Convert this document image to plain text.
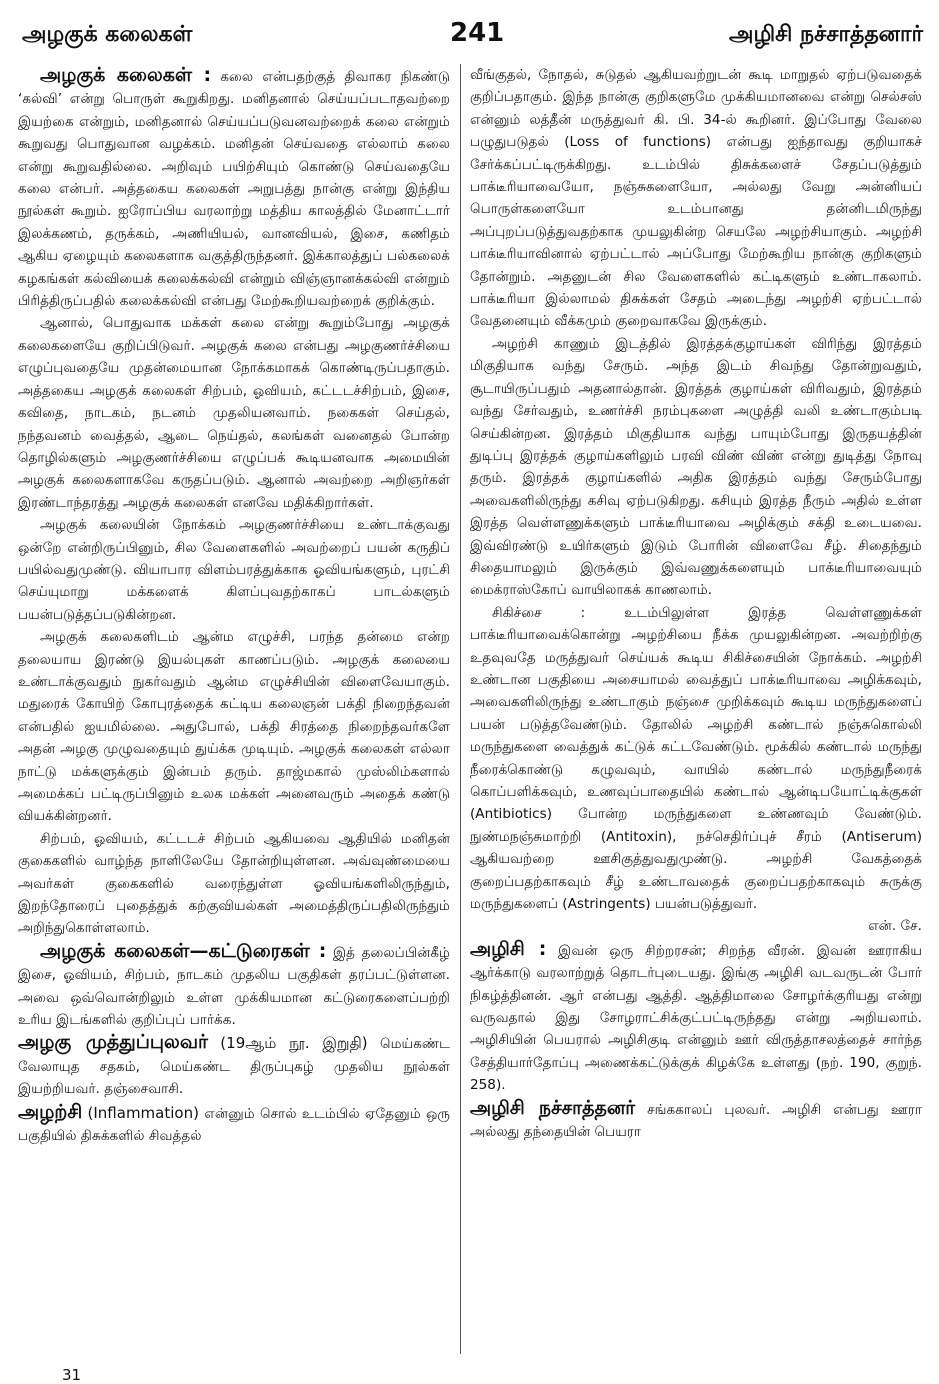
அழகுக் கலைகள்	241	அழிசி நச்சாத்தனார்

அழகுக் கலைகள் : கலை என்பதற்குத் திவாகர நிகண்டு ‘கல்வி’ என்று பொருள் கூறுகிறது. மனிதனால் செய்யப்படாதவற்றை இயற்கை என்றும், மனிதனால் செய்யப்படுவனவற்றைக் கலை என்றும் கூறுவது பொதுவான வழக்கம். மனிதன் செய்வதை எல்லாம் கலை என்று கூறுவதில்லை. அறிவும் பயிற்சியும் கொண்டு செய்வதையே கலை என்பர். அத்தகைய கலைகள் அறுபத்து நான்கு என்று இந்திய நூல்கள் கூறும். ஐரோப்பிய வரலாற்று மத்திய காலத்தில் மேனாட்டார் இலக்கணம், தருக்கம், அணியியல், வானவியல், இசை, கணிதம் ஆகிய ஏழையும் கலைகளாக வகுத்திருந்தனர். இக்காலத்துப் பல்கலைக் கழகங்கள் கல்வியைக் கலைக்கல்வி என்றும் விஞ்ஞானக்கல்வி என்றும் பிரித்திருப்பதில் கலைக்கல்வி என்பது மேற்கூறியவற்றைக் குறிக்கும்.

ஆனால், பொதுவாக மக்கள் கலை என்று கூறும்போது அழகுக் கலைகளையே குறிப்பிடுவர். அழகுக் கலை என்பது அழகுணர்ச்சியை எழுப்புவதையே முதன்மையான நோக்கமாகக் கொண்டிருப்பதாகும். அத்தகைய அழகுக் கலைகள் சிற்பம், ஓவியம், கட்டடச்சிற்பம், இசை, கவிதை, நாடகம், நடனம் முதலியனவாம். நகைகள் செய்தல், நந்தவனம் வைத்தல், ஆடை நெய்தல், கலங்கள் வனைதல் போன்ற தொழில்களும் அழகுணர்ச்சியை எழுப்பக் கூடியனவாக அமையின் அழகுக் கலைகளாகவே கருதப்படும். ஆனால் அவற்றை அறிஞர்கள் இரண்டாந்தரத்து அழகுக் கலைகள் எனவே மதிக்கிறார்கள்.

அழகுக் கலையின் நோக்கம் அழகுணர்ச்சியை உண்டாக்குவது ஒன்றே என்றிருப்பினும், சில வேளைகளில் அவற்றைப் பயன் கருதிப் பயில்வதுமுண்டு. வியாபார விளம்பரத்துக்காக ஓவியங்களும், புரட்சி செய்யுமாறு மக்களைக் கிளப்புவதற்காகப் பாடல்களும் பயன்படுத்தப்படுகின்றன.

அழகுக் கலைகளிடம் ஆன்ம எழுச்சி, பரந்த தன்மை என்ற தலையாய இரண்டு இயல்புகள் காணப்படும். அழகுக் கலையை உண்டாக்குவதும் நுகர்வதும் ஆன்ம எழுச்சியின் விளைவேயாகும். மதுரைக் கோயிற் கோபுரத்தைக் கட்டிய கலைஞன் பக்தி நிறைந்தவன் என்பதில் ஐயமில்லை. அதுபோல், பக்தி சிரத்தை நிறைந்தவர்களே அதன் அழகு முழுவதையும் துய்க்க முடியும். அழகுக் கலைகள் எல்லா நாட்டு மக்களுக்கும் இன்பம் தரும். தாஜ்மகால் முஸ்லிம்களால் அமைக்கப் பட்டிருப்பினும் உலக மக்கள் அனைவரும் அதைக் கண்டு வியக்கின்றனர்.

சிற்பம், ஓவியம், கட்டடச் சிற்பம் ஆகியவை ஆதியில் மனிதன் குகைகளில் வாழ்ந்த நாளிலேயே தோன்றியுள்ளன. அவ்வுண்மையை அவர்கள் குகைகளில் வரைந்துள்ள ஓவியங்களிலிருந்தும், இறந்தோரைப் புதைத்துக் கற்குவியல்கள் அமைத்திருப்பதிலிருந்தும் அறிந்துகொள்ளலாம்.

அழகுக் கலைகள்—கட்டுரைகள் : இத் தலைப்பின்கீழ் இசை, ஓவியம், சிற்பம், நாடகம் முதலிய பகுதிகள் தரப்பட்டுள்ளன. அவை ஒவ்வொன்றிலும் உள்ள முக்கியமான கட்டுரைகளைப்பற்றி உரிய இடங்களில் குறிப்புப் பார்க்க.

அழகு முத்துப்புலவர் (19ஆம் நூ. இறுதி) மெய்கண்ட வேலாயுத சதகம், மெய்கண்ட திருப்புகழ் முதலிய நூல்கள் இயற்றியவர். தஞ்சைவாசி.

அழற்சி (Inflammation) என்னும் சொல் உடம்பில் ஏதேனும் ஒரு பகுதியில் திசுக்களில் சிவத்தல்

வீங்குதல், நோதல், சுடுதல் ஆகியவற்றுடன் கூடி மாறுதல் ஏற்படுவதைக் குறிப்பதாகும். இந்த நான்கு குறிகளுமே முக்கியமானவை என்று செல்சஸ் என்னும் லத்தீன் மருத்துவர் கி. பி. 34-ல் கூறினர். இப்போது வேலை பழுதுபடுதல் (Loss of functions) என்பது ஐந்தாவது குறியாகச் சேர்க்கப்பட்டிருக்கிறது. உடம்பில் திசுக்களைச் சேதப்படுத்தும் பாக்டீரியாவையோ, நஞ்சுகளையோ, அல்லது வேறு அன்னியப் பொருள்களையோ உடம்பானது தன்னிடமிருந்து அப்புறப்படுத்துவதற்காக முயலுகின்ற செயலே அழற்சியாகும். அழற்சி பாக்டீரியாவினால் ஏற்பட்டால் அப்போது மேற்கூறிய நான்கு குறிகளும் தோன்றும். அதனுடன் சில வேளைகளில் கட்டிகளும் உண்டாகலாம். பாக்டீரியா இல்லாமல் திசுக்கள் சேதம் அடைந்து அழற்சி ஏற்பட்டால் வேதனையும் வீக்கமும் குறைவாகவே இருக்கும்.

அழற்சி காணும் இடத்தில் இரத்தக்குழாய்கள் விரிந்து இரத்தம் மிகுதியாக வந்து சேரும். அந்த இடம் சிவந்து தோன்றுவதும், சூடாயிருப்பதும் அதனால்தான். இரத்தக் குழாய்கள் விரிவதும், இரத்தம் வந்து சேர்வதும், உணர்ச்சி நரம்புகளை அழுத்தி வலி உண்டாகும்படி செய்கின்றன. இரத்தம் மிகுதியாக வந்து பாயும்போது இருதயத்தின் துடிப்பு இரத்தக் குழாய்களிலும் பரவி விண் விண் என்று துடித்து நோவு தரும். இரத்தக் குழாய்களில் அதிக இரத்தம் வந்து சேரும்போது அவைகளிலிருந்து கசிவு ஏற்படுகிறது. கசியும் இரத்த நீரும் அதில் உள்ள இரத்த வெள்ளணுக்களும் பாக்டீரியாவை அழிக்கும் சக்தி உடையவை. இவ்விரண்டு உயிர்களும் இடும் போரின் விளைவே சீழ். சிதைந்தும் சிதையாமலும் இருக்கும் இவ்வணுக்களையும் பாக்டீரியாவையும் மைக்ராஸ்கோப் வாயிலாகக் காணலாம்.

சிகிச்சை : உடம்பிலுள்ள இரத்த வெள்ளணுக்கள் பாக்டீரியாவைக்கொன்று அழற்சியை நீக்க முயலுகின்றன. அவற்றிற்கு உதவுவதே மருத்துவர் செய்யக் கூடிய சிகிச்சையின் நோக்கம். அழற்சி உண்டான பகுதியை அசையாமல் வைத்துப் பாக்டீரியாவை அழிக்கவும், அவைகளிலிருந்து உண்டாகும் நஞ்சை முறிக்கவும் கூடிய மருந்துகளைப் பயன் படுத்தவேண்டும். தோலில் அழற்சி கண்டால் நஞ்சுகொல்லி மருந்துகளை வைத்துக் கட்டுக் கட்டவேண்டும். மூக்கில் கண்டால் மருந்து நீரைக்கொண்டு கழுவவும், வாயில் கண்டால் மருந்துநீரைக் கொப்பளிக்கவும், உணவுப்பாதையில் கண்டால் ஆன்டிபயோட்டிக்குகள் (Antibiotics) போன்ற மருந்துகளை உண்ணவும் வேண்டும். நுண்மநஞ்சுமாற்றி (Antitoxin), நச்செதிர்ப்புச் சீரம் (Antiserum) ஆகியவற்றை ஊசிகுத்துவதுமுண்டு. அழற்சி வேகத்தைக் குறைப்பதற்காகவும் சீழ் உண்டாவதைக் குறைப்பதற்காகவும் சுருக்கு மருந்துகளைப் (Astringents) பயன்படுத்துவர்.

என். சே.

அழிசி : இவன் ஒரு சிற்றரசன்; சிறந்த வீரன். இவன் ஊராகிய ஆர்க்காடு வரலாற்றுத் தொடர்புடையது. இங்கு அழிசி வடவருடன் போர் நிகழ்த்தினன். ஆர் என்பது ஆத்தி. ஆத்திமாலை சோழர்க்குரியது என்று வருவதால் இது சோழராட்சிக்குட்பட்டிருந்தது என்று அறியலாம். அழிசியின் பெயரால் அழிசிகுடி என்னும் ஊர் விருத்தாசலத்தைச் சார்ந்த சேத்தியார்தோப்பு அணைக்கட்டுக்குக் கிழக்கே உள்ளது (நற். 190, குறுந். 258).

அழிசி நச்சாத்தனர் சங்ககாலப் புலவர். அழிசி என்பது ஊரா அல்லது தந்தையின் பெயரா

31
